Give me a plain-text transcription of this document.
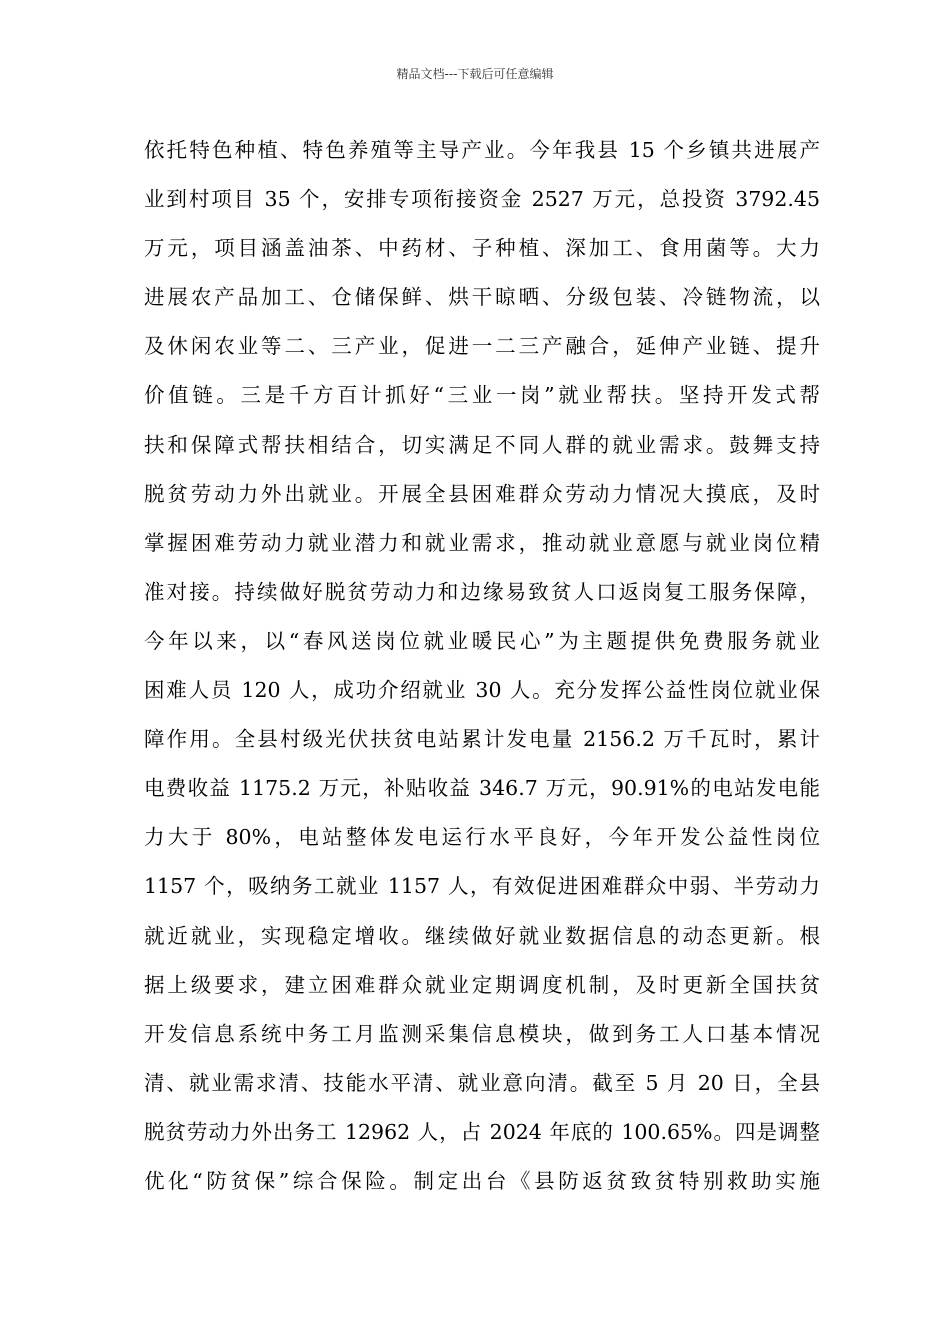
精品文档---下载后可任意编辑
依托特色种植、特色养殖等主导产业。今年我县 15 个乡镇共进展产
业到村项目 35 个，安排专项衔接资金 2527 万元，总投资 3792.45
万元，项目涵盖油茶、中药材、子种植、深加工、食用菌等。大力
进展农产品加工、仓储保鲜、烘干晾晒、分级包装、冷链物流，以
及休闲农业等二、三产业，促进一二三产融合，延伸产业链、提升
价值链。三是千方百计抓好“三业一岗”就业帮扶。坚持开发式帮
扶和保障式帮扶相结合，切实满足不同人群的就业需求。鼓舞支持
脱贫劳动力外出就业。开展全县困难群众劳动力情况大摸底，及时
掌握困难劳动力就业潜力和就业需求，推动就业意愿与就业岗位精
准对接。持续做好脱贫劳动力和边缘易致贫人口返岗复工服务保障，
今年以来，以“春风送岗位就业暖民心”为主题提供免费服务就业
困难人员 120 人，成功介绍就业 30 人。充分发挥公益性岗位就业保
障作用。全县村级光伏扶贫电站累计发电量 2156.2 万千瓦时，累计
电费收益 1175.2 万元，补贴收益 346.7 万元，90.91%的电站发电能
力大于 80%，电站整体发电运行水平良好，今年开发公益性岗位
1157 个，吸纳务工就业 1157 人，有效促进困难群众中弱、半劳动力
就近就业，实现稳定增收。继续做好就业数据信息的动态更新。根
据上级要求，建立困难群众就业定期调度机制，及时更新全国扶贫
开发信息系统中务工月监测采集信息模块，做到务工人口基本情况
清、就业需求清、技能水平清、就业意向清。截至 5 月 20 日，全县
脱贫劳动力外出务工 12962 人，占 2024 年底的 100.65%。四是调整
优化“防贫保”综合保险。制定出台《县防返贫致贫特别救助实施
